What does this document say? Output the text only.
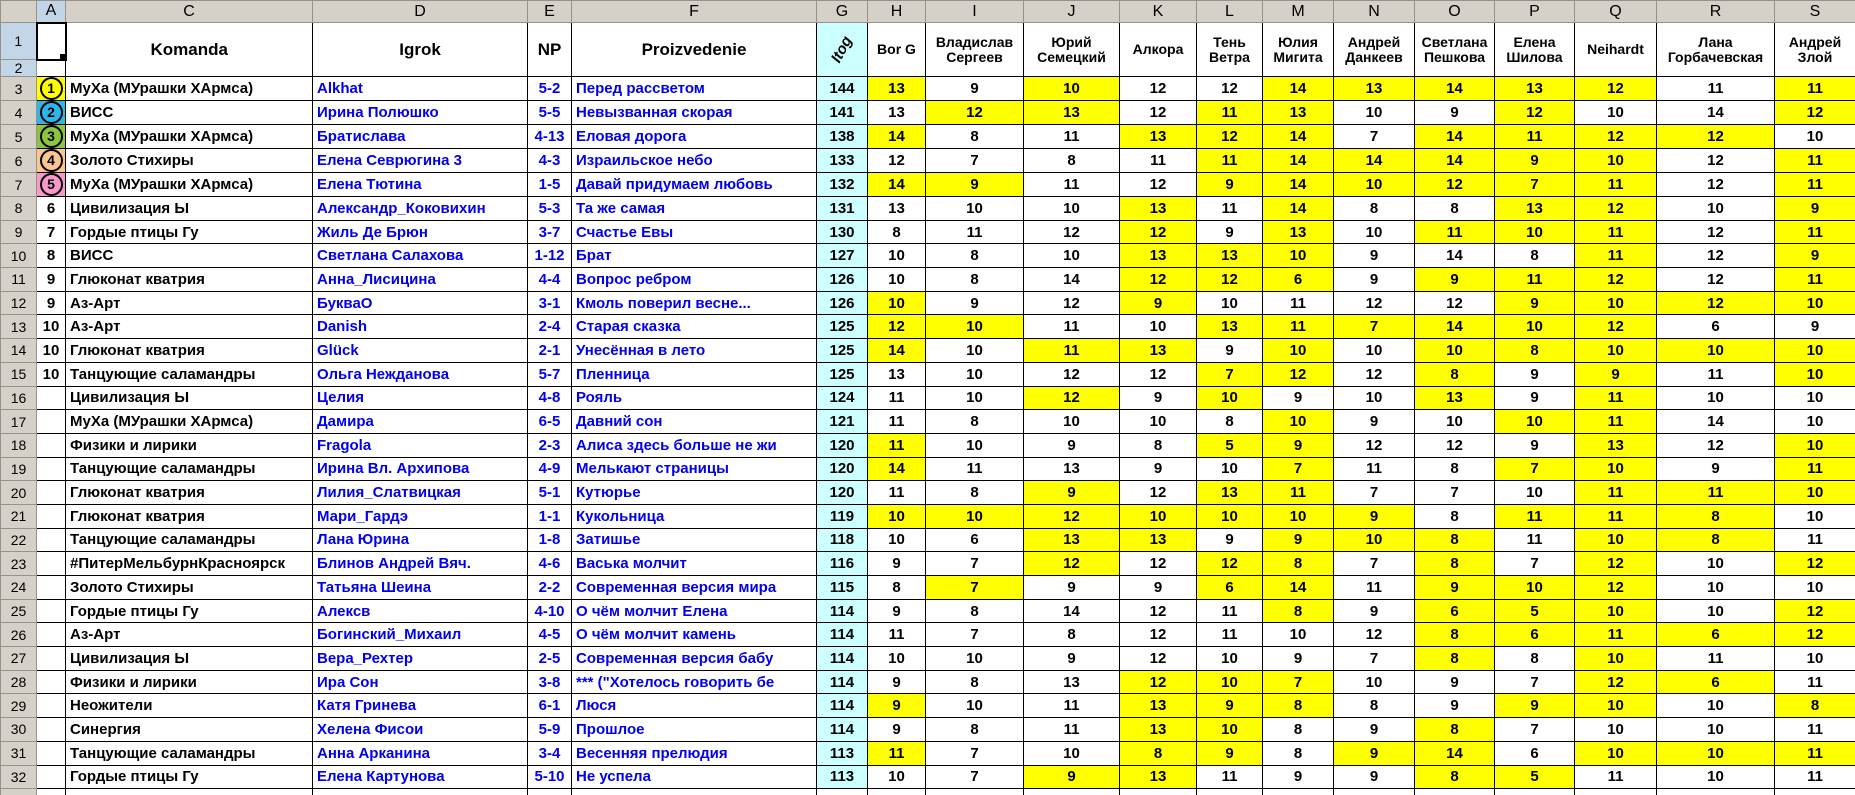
	A	C	D	E	F	G	H	I	J	K	L	M	N	O	P	Q	R	S
1		Komanda	Igrok	NP	Proizvedenie	Itog	Bor G	Владислав Сергеев	Юрий Семецкий	Алкора	Тень Ветра	Юлия Мигита	Андрей Данкеев	Светлана Пешкова	Елена Шилова	Neihardt	Лана Горбачевская	Андрей Злой
2																		
3	1	МуХа (МУрашки ХАрмса)	Alkhat	5-2	Перед рассветом	144	13	9	10	12	12	14	13	14	13	12	11	11
4	2	ВИСС	Ирина Полюшко	5-5	Невызванная скорая	141	13	12	13	12	11	13	10	9	12	10	14	12
5	3	МуХа (МУрашки ХАрмса)	Братислава	4-13	Еловая дорога	138	14	8	11	13	12	14	7	14	11	12	12	10
6	4	Золото Стихиры	Елена Севрюгина 3	4-3	Израильское небо	133	12	7	8	11	11	14	14	14	9	10	12	11
7	5	МуХа (МУрашки ХАрмса)	Елена Тютина	1-5	Давай придумаем любовь	132	14	9	11	12	9	14	10	12	7	11	12	11
8	6	Цивилизация Ы	Александр_Коковихин	5-3	Та же самая	131	13	10	10	13	11	14	8	8	13	12	10	9
9	7	Гордые птицы Гу	Жиль Де Брюн	3-7	Счастье Евы	130	8	11	12	12	9	13	10	11	10	11	12	11
10	8	ВИСС	Светлана Салахова	1-12	Брат	127	10	8	10	13	13	10	9	14	8	11	12	9
11	9	Глюконат кватрия	Анна_Лисицина	4-4	Вопрос ребром	126	10	8	14	12	12	6	9	9	11	12	12	11
12	9	Аз-Арт	БукваО	3-1	Кмоль поверил весне...	126	10	9	12	9	10	11	12	12	9	10	12	10
13	10	Аз-Арт	Danish	2-4	Старая сказка	125	12	10	11	10	13	11	7	14	10	12	6	9
14	10	Глюконат кватрия	Glück	2-1	Унесённая в лето	125	14	10	11	13	9	10	10	10	8	10	10	10
15	10	Танцующие саламандры	Ольга Нежданова	5-7	Пленница	125	13	10	12	12	7	12	12	8	9	9	11	10
16		Цивилизация Ы	Целия	4-8	Рояль	124	11	10	12	9	10	9	10	13	9	11	10	10
17		МуХа (МУрашки ХАрмса)	Дамира	6-5	Давний сон	121	11	8	10	10	8	10	9	10	10	11	14	10
18		Физики и лирики	Fragola	2-3	Алиса здесь больше не жи	120	11	10	9	8	5	9	12	12	9	13	12	10
19		Танцующие саламандры	Ирина Вл. Архипова	4-9	Мелькают страницы	120	14	11	13	9	10	7	11	8	7	10	9	11
20		Глюконат кватрия	Лилия_Слатвицкая	5-1	Кутюрье	120	11	8	9	12	13	11	7	7	10	11	11	10
21		Глюконат кватрия	Мари_Гардэ	1-1	Кукольница	119	10	10	12	10	10	10	9	8	11	11	8	10
22		Танцующие саламандры	Лана Юрина	1-8	Затишье	118	10	6	13	13	9	9	10	8	11	10	8	11
23		#ПитерМельбурнКрасноярск	Блинов Андрей Вяч.	4-6	Васька молчит	116	9	7	12	12	12	8	7	8	7	12	10	12
24		Золото Стихиры	Татьяна Шеина	2-2	Современная версия мира	115	8	7	9	9	6	14	11	9	10	12	10	10
25		Гордые птицы Гу	Алексв	4-10	О чём молчит Елена	114	9	8	14	12	11	8	9	6	5	10	10	12
26		Аз-Арт	Богинский_Михаил	4-5	О чём молчит камень	114	11	7	8	12	11	10	12	8	6	11	6	12
27		Цивилизация Ы	Вера_Рехтер	2-5	Современная версия бабу	114	10	10	9	12	10	9	7	8	8	10	11	10
28		Физики и лирики	Ира Сон	3-8	*** ("Хотелось говорить бе	114	9	8	13	12	10	7	10	9	7	12	6	11
29		Неожители	Катя Гринева	6-1	Люся	114	9	10	11	13	9	8	8	9	9	10	10	8
30		Синергия	Хелена Фисои	5-9	Прошлое	114	9	8	11	13	10	8	9	8	7	10	10	11
31		Танцующие саламандры	Анна Арканина	3-4	Весенняя прелюдия	113	11	7	10	8	9	8	9	14	6	10	10	11
32		Гордые птицы Гу	Елена Картунова	5-10	Не успела	113	10	7	9	13	11	9	9	8	5	11	10	11
